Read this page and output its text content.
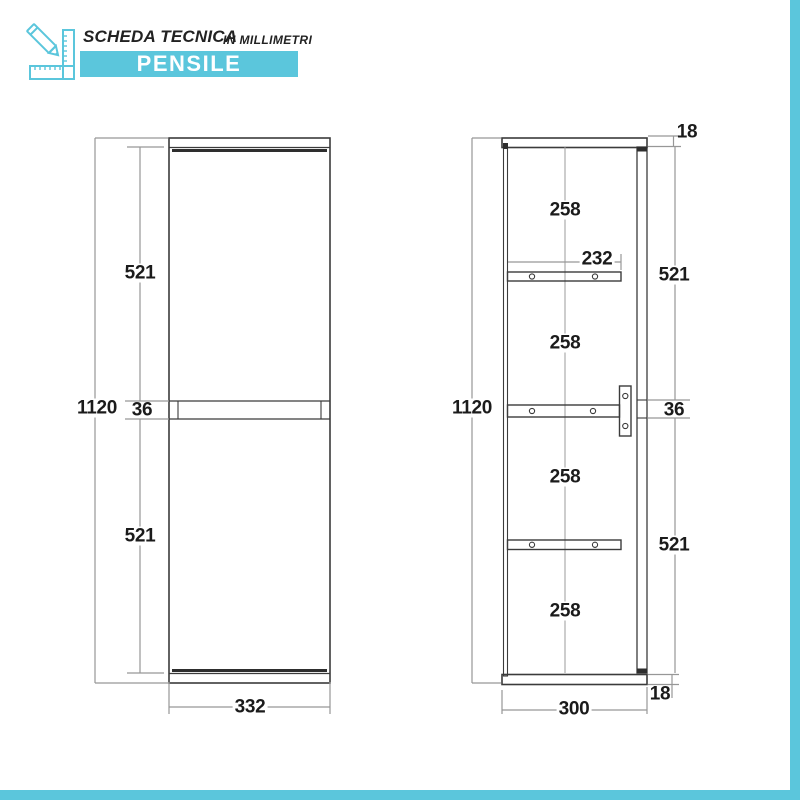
SCHEDA TECNICA
IN MILLIMETRI
PENSILE
1120
521
36
521
332
1120
18
258
232
521
258
36
258
521
258
18
300
